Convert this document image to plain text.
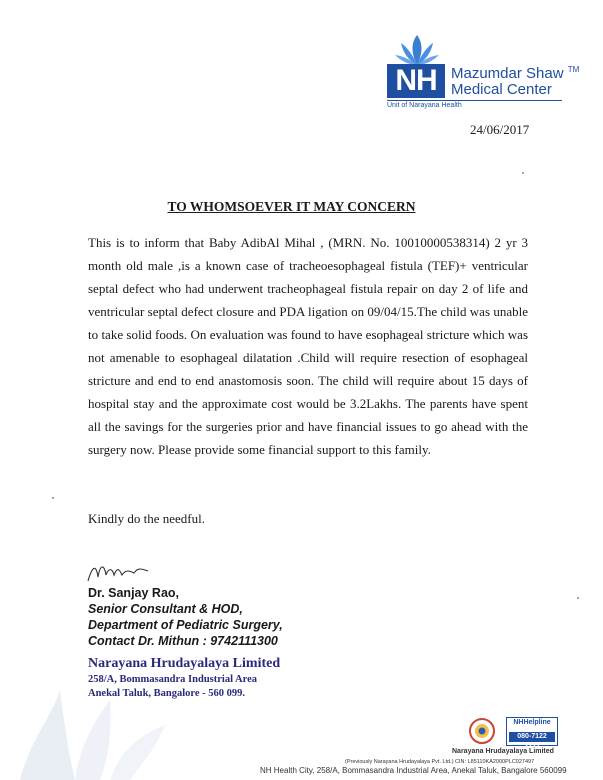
NH Mazumdar Shaw ™
Medical Center
Unit of Narayana Health
24/06/2017
TO WHOMSOEVER IT MAY CONCERN
This is to inform that Baby AdibAl Mihal , (MRN. No. 10010000538314) 2 yr 3 month old male ,is a known case of tracheoesophageal fistula (TEF)+ ventricular septal defect who had underwent tracheophageal fistula repair on day 2 of life and ventricular septal defect closure and PDA ligation on 09/04/15.The child was unable to take solid foods. On evaluation was found to have esophageal stricture which was not amenable to esophageal dilatation .Child will require resection of esophageal stricture and end to end anastomosis soon. The child will require about 15 days of hospital stay and the approximate cost would be 3.2Lakhs. The parents have spent all the savings for the surgeries prior and have financial issues to go ahead with the surgery now. Please provide some financial support to this family.
Kindly do the needful.
Dr. Sanjay Rao,
Senior Consultant & HOD,
Department of Pediatric Surgery,
Contact Dr. Mithun : 9742111300
Narayana Hrudayalaya Limited
258/A, Bommasandra Industrial Area
Anekal Taluk, Bangalore - 560 099.
NHHelpline
080-7122 2222
Narayana Hrudayalaya Limited
(Previously Narayana Hrudayalaya Pvt. Ltd.) CIN: L85110KA2000PLC027497
NH Health City, 258/A, Bommasandra Industrial Area, Anekal Taluk, Bangalore 560099
